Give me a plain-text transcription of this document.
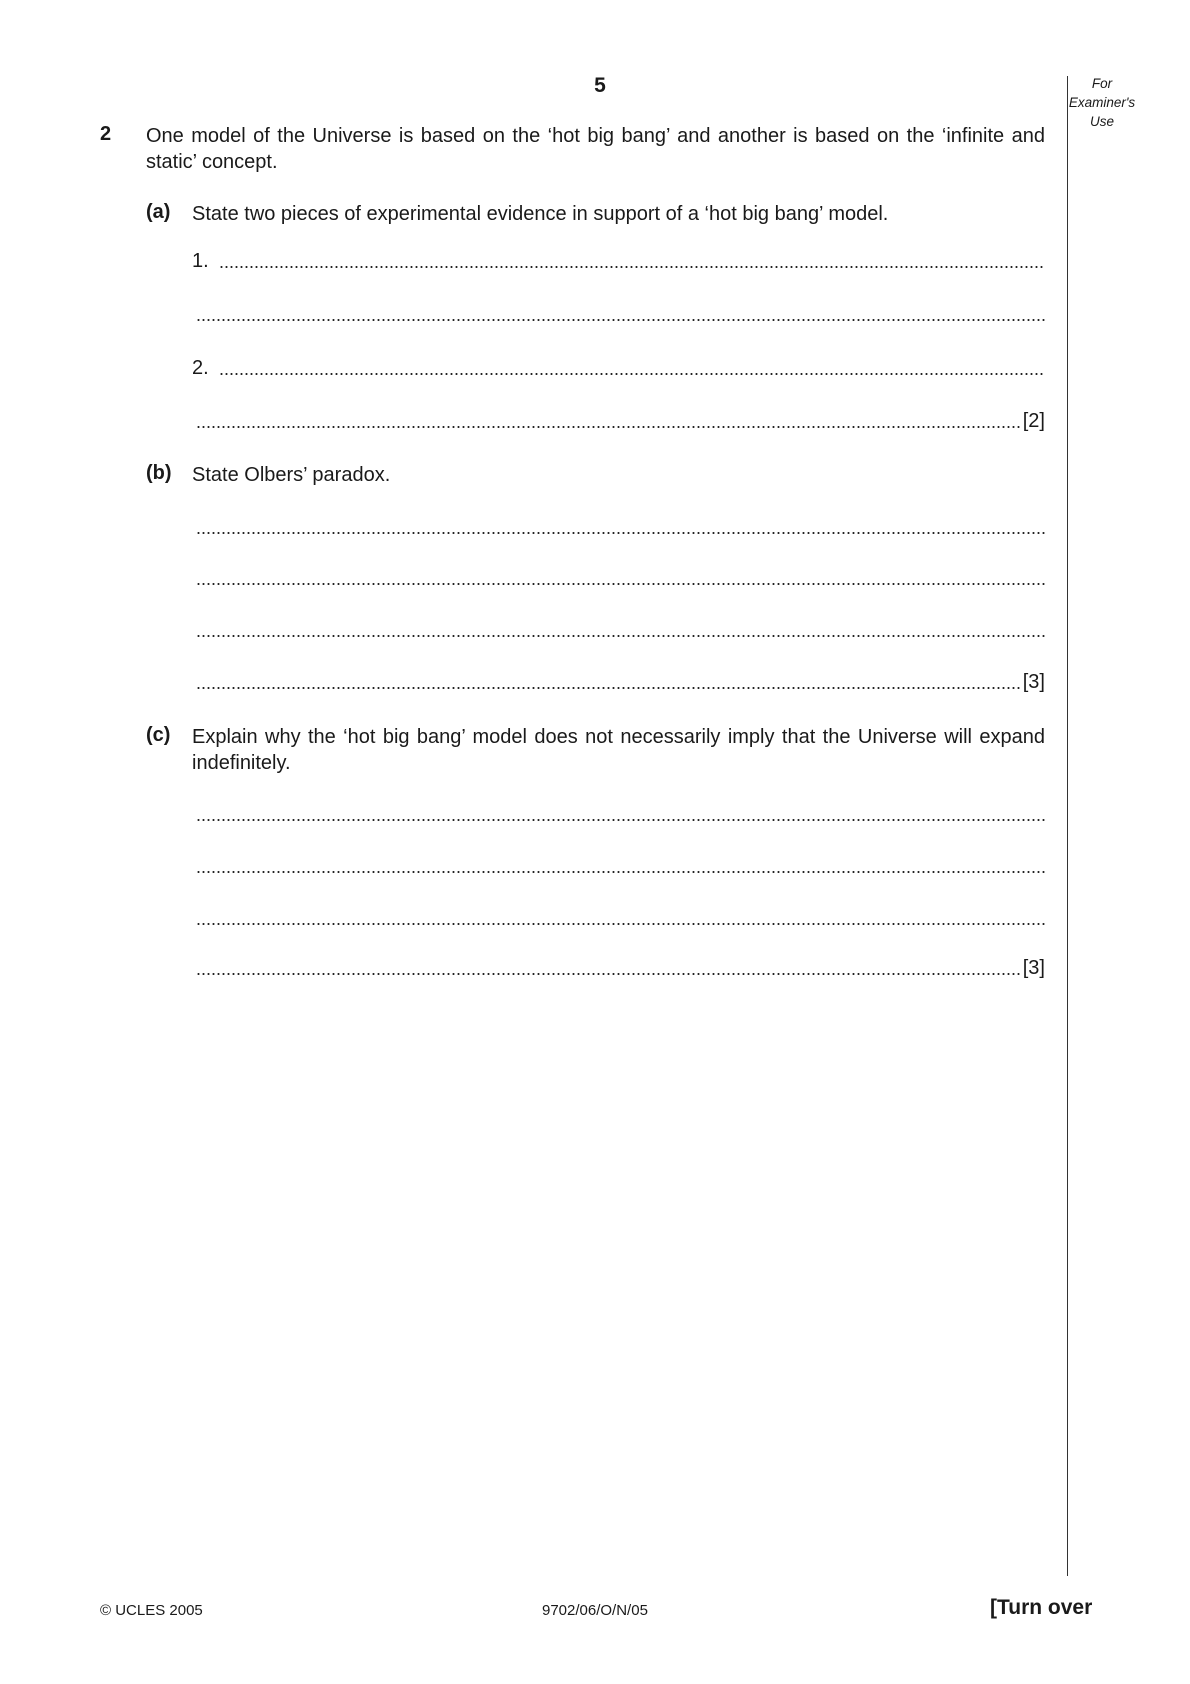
5	For
Examiner's
Use
2 One model of the Universe is based on the ‘hot big bang’ and another is based on the ‘infinite and static’ concept.
(a) State two pieces of experimental evidence in support of a ‘hot big bang’ model.
1.
2.
[2]
(b) State Olbers’ paradox.
[3]
(c) Explain why the ‘hot big bang’ model does not necessarily imply that the Universe will expand indefinitely.
[3]
© UCLES 2005	9702/06/O/N/05	[Turn over
